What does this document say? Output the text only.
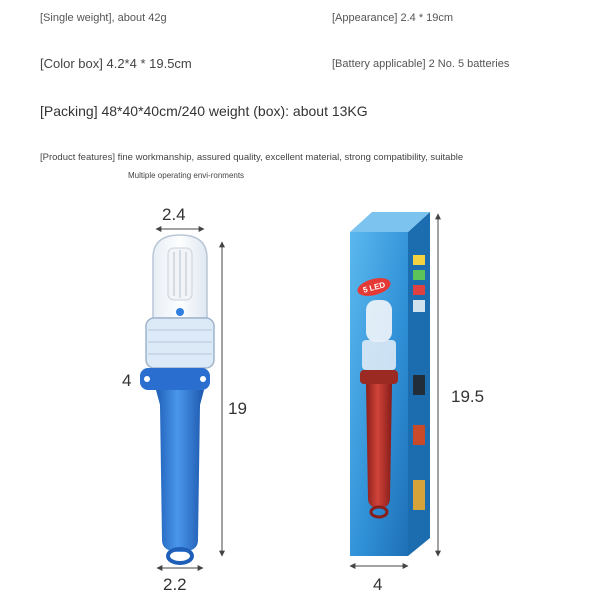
[Single weight], about 42g	[Appearance] 2.4 * 19cm
[Color box] 4.2*4 * 19.5cm	[Battery applicable] 2 No. 5 batteries
[Packing] 48*40*40cm/240 weight (box): about 13KG
[Product features] fine workmanship, assured quality, excellent material, strong compatibility, suitable
Multiple operating envi-ronments
5 LED
2.4
4
19
2.2
19.5
4
